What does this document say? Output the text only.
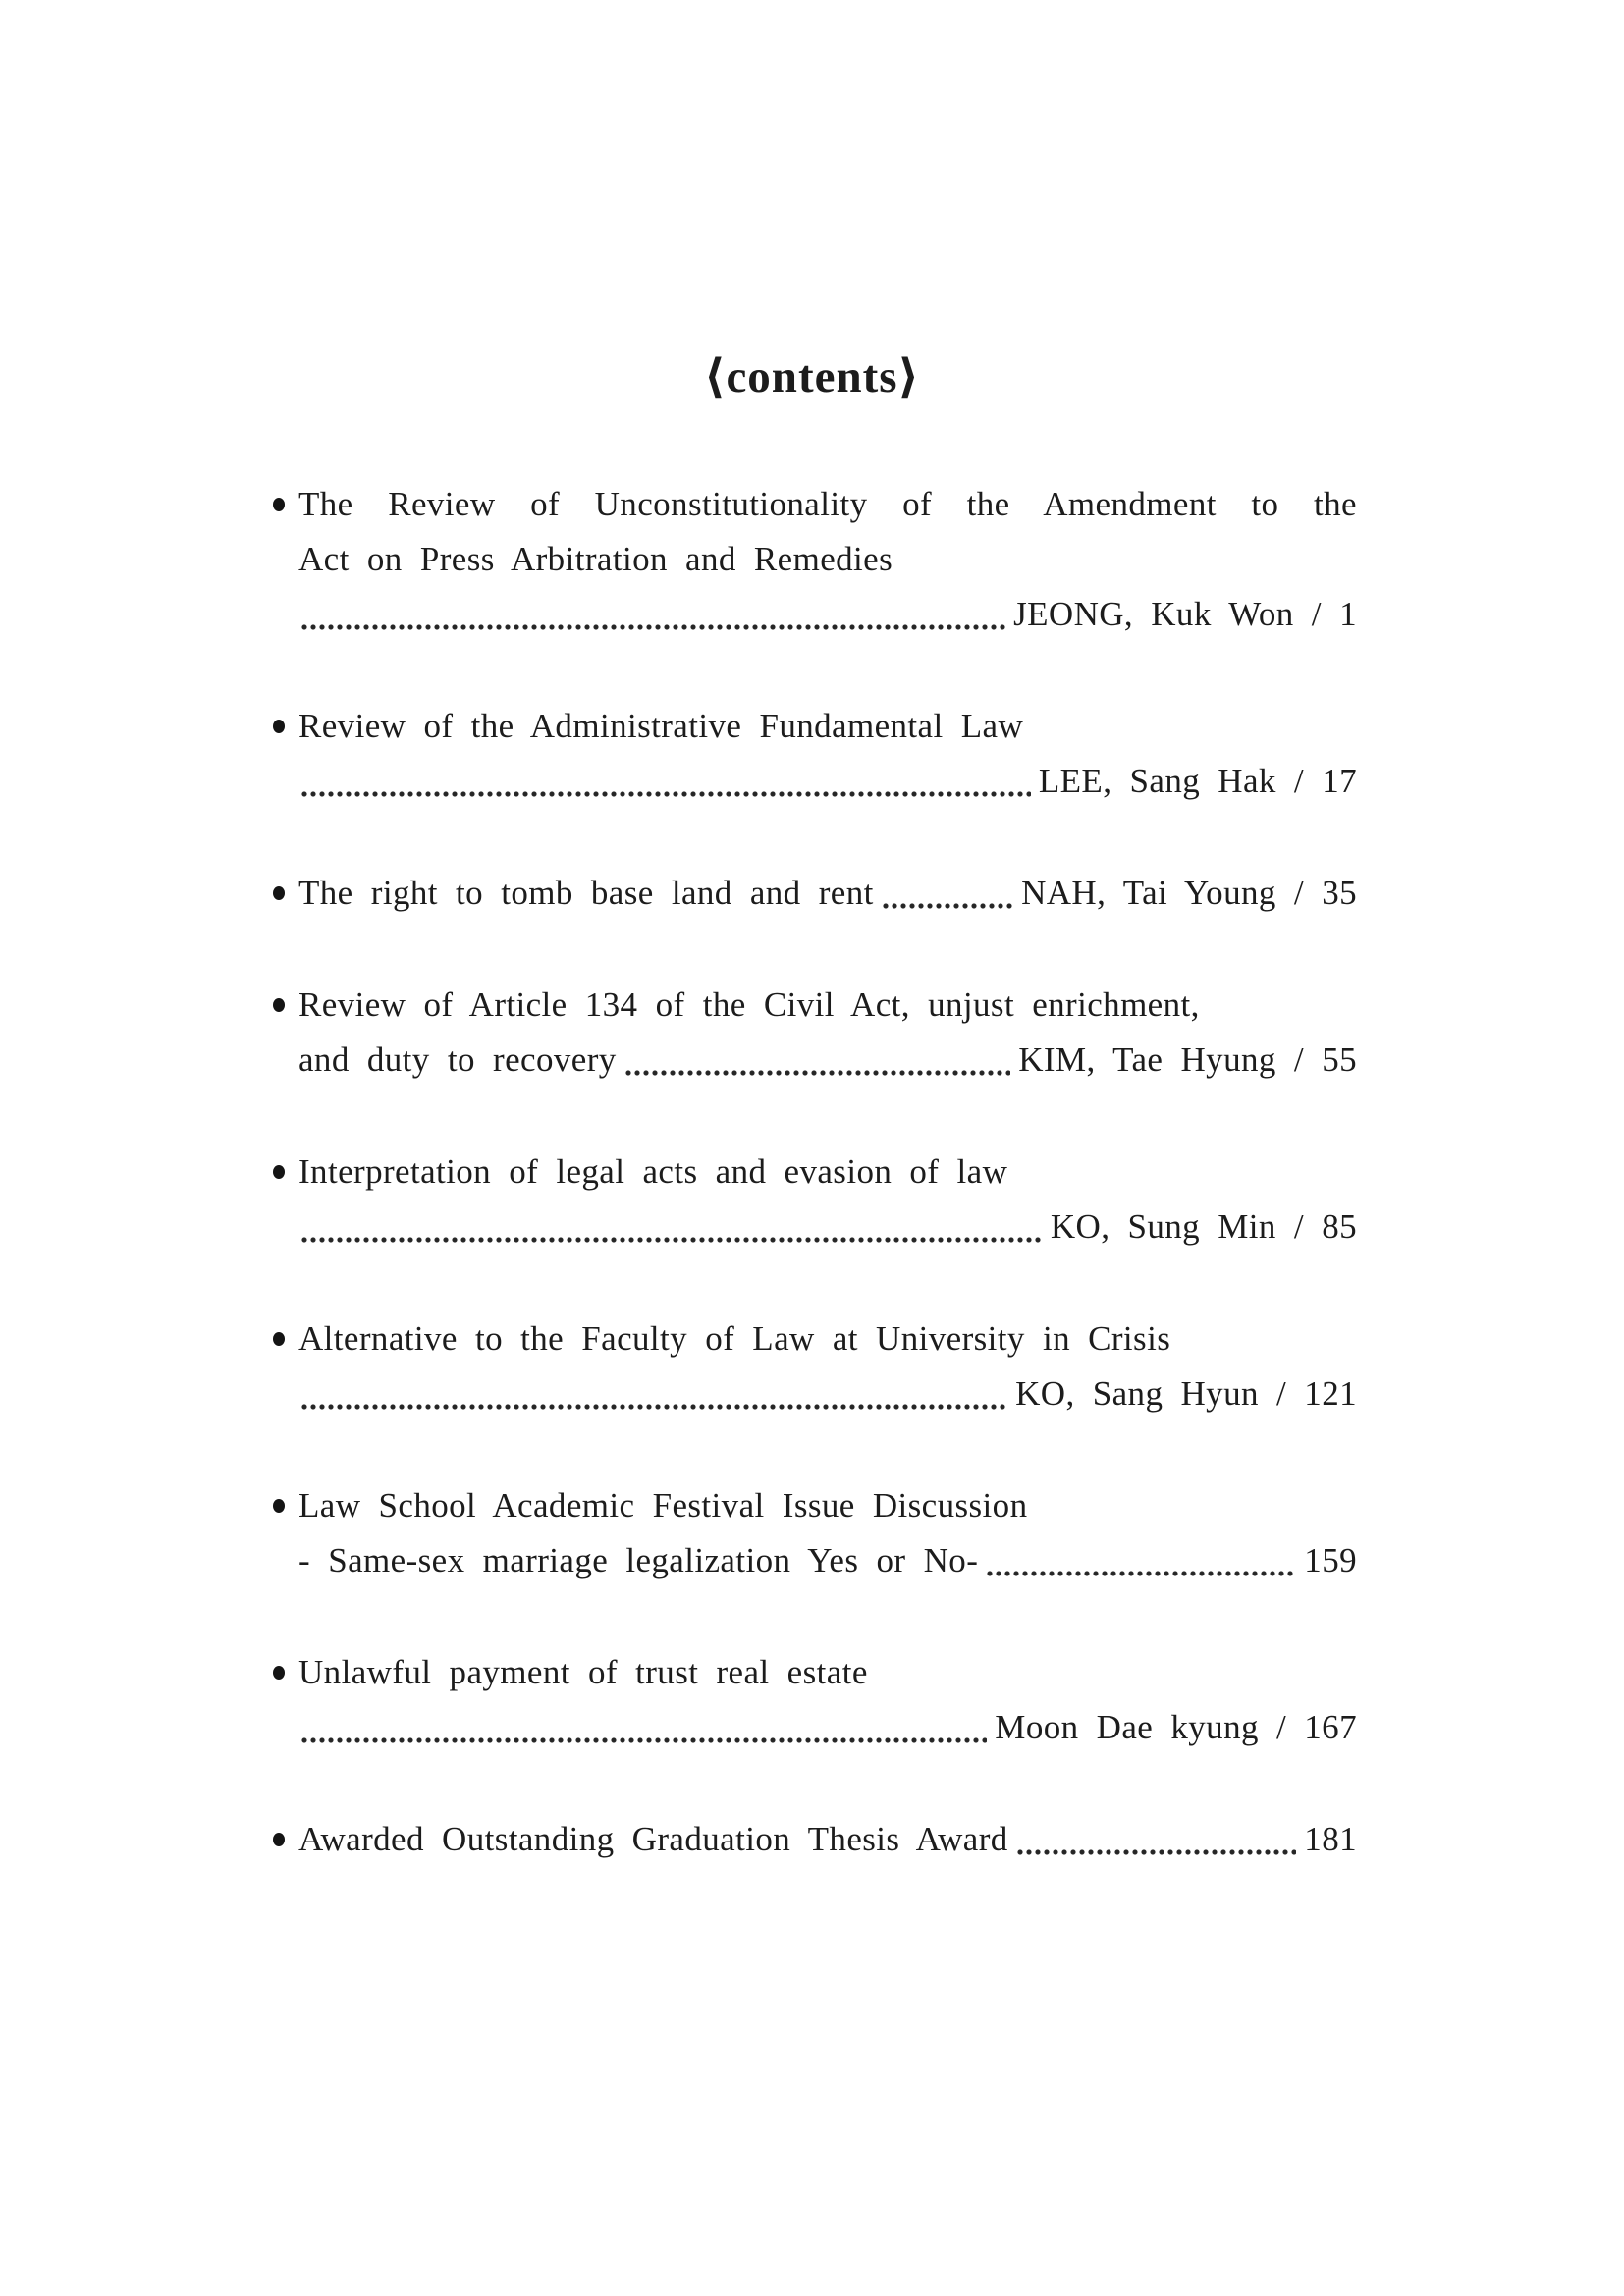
⟨contents⟩
The Review of Unconstitutionality of the Amendment to the
Act on Press Arbitration and Remedies
JEONG, Kuk Won / 1
Review of the Administrative Fundamental Law
LEE, Sang Hak / 17
The right to tomb base land and rent	NAH, Tai Young / 35
Review of Article 134 of the Civil Act, unjust enrichment,
and duty to recovery	KIM, Tae Hyung / 55
Interpretation of legal acts and evasion of law
KO, Sung Min / 85
Alternative to the Faculty of Law at University in Crisis
KO, Sang Hyun / 121
Law School Academic Festival Issue Discussion
- Same-sex marriage legalization Yes or No-	159
Unlawful payment of trust real estate
Moon Dae kyung / 167
Awarded Outstanding Graduation Thesis Award	181
